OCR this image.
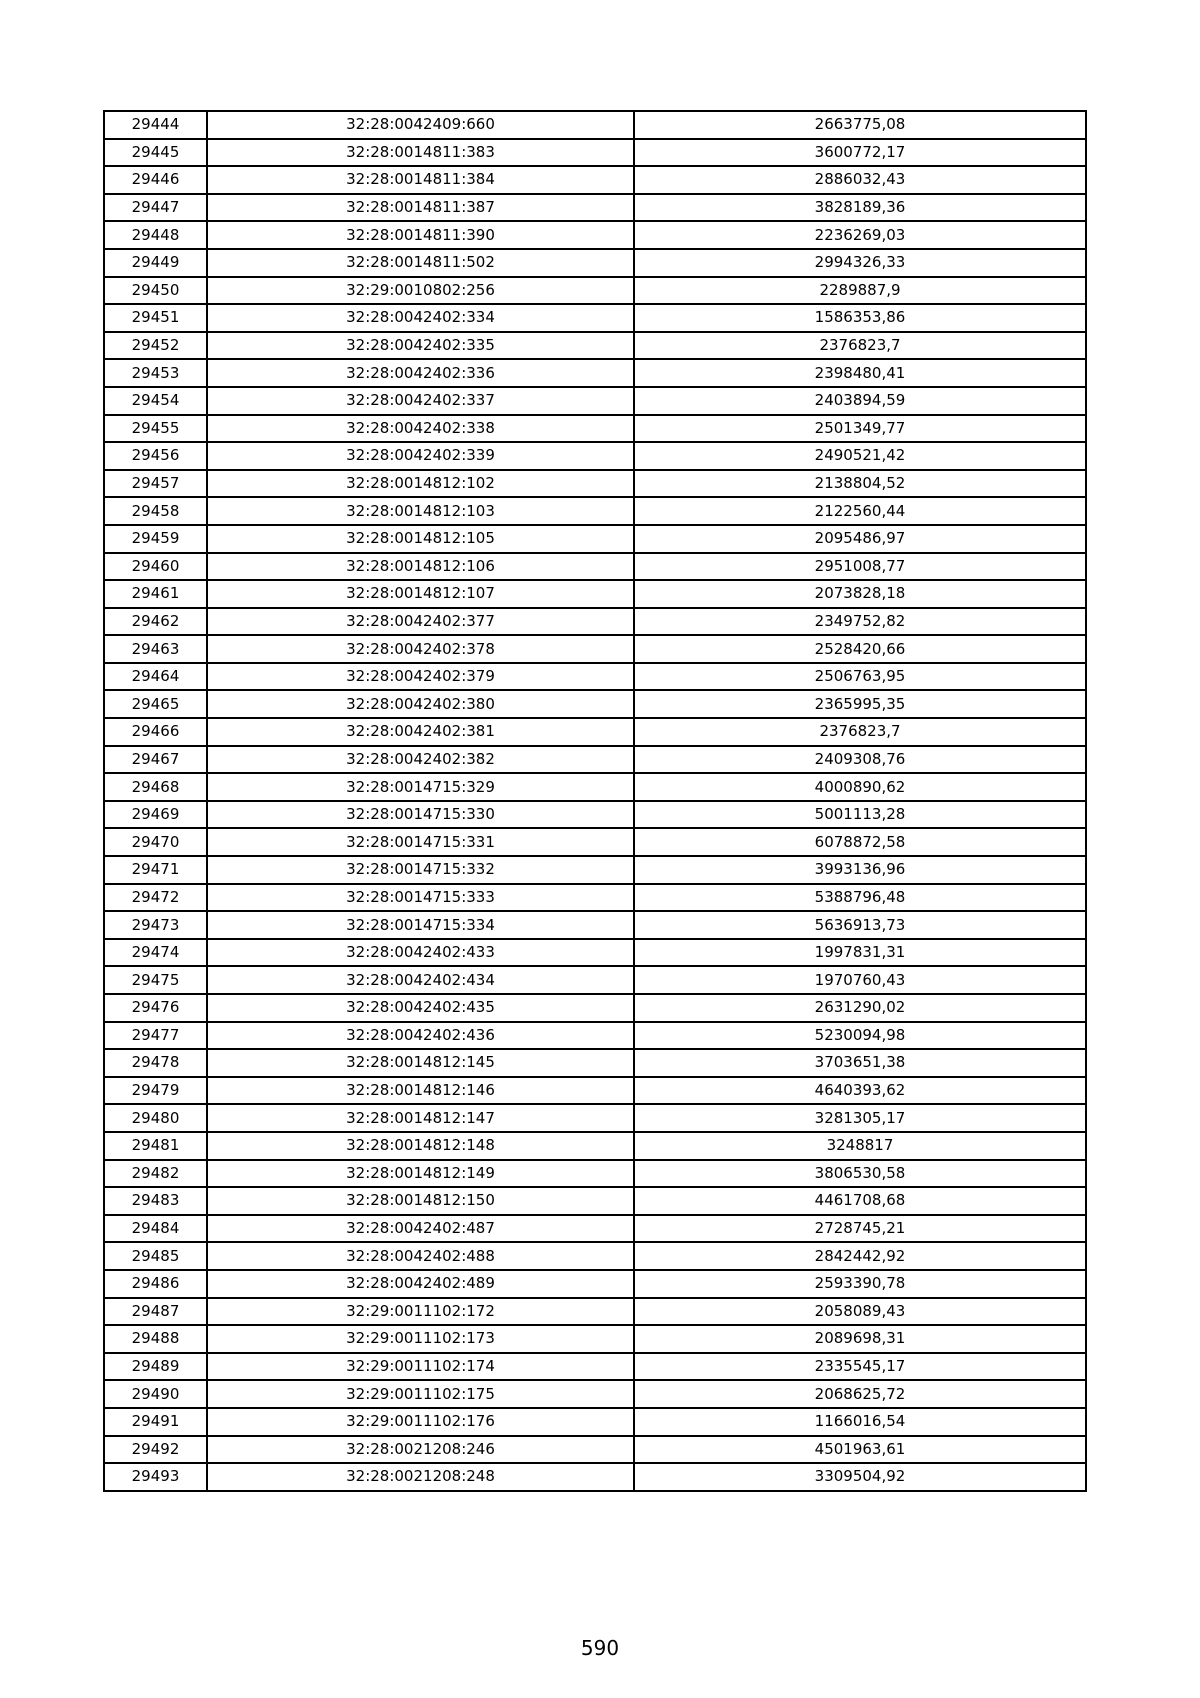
29444	32:28:0042409:660	2663775,08
29445	32:28:0014811:383	3600772,17
29446	32:28:0014811:384	2886032,43
29447	32:28:0014811:387	3828189,36
29448	32:28:0014811:390	2236269,03
29449	32:28:0014811:502	2994326,33
29450	32:29:0010802:256	2289887,9
29451	32:28:0042402:334	1586353,86
29452	32:28:0042402:335	2376823,7
29453	32:28:0042402:336	2398480,41
29454	32:28:0042402:337	2403894,59
29455	32:28:0042402:338	2501349,77
29456	32:28:0042402:339	2490521,42
29457	32:28:0014812:102	2138804,52
29458	32:28:0014812:103	2122560,44
29459	32:28:0014812:105	2095486,97
29460	32:28:0014812:106	2951008,77
29461	32:28:0014812:107	2073828,18
29462	32:28:0042402:377	2349752,82
29463	32:28:0042402:378	2528420,66
29464	32:28:0042402:379	2506763,95
29465	32:28:0042402:380	2365995,35
29466	32:28:0042402:381	2376823,7
29467	32:28:0042402:382	2409308,76
29468	32:28:0014715:329	4000890,62
29469	32:28:0014715:330	5001113,28
29470	32:28:0014715:331	6078872,58
29471	32:28:0014715:332	3993136,96
29472	32:28:0014715:333	5388796,48
29473	32:28:0014715:334	5636913,73
29474	32:28:0042402:433	1997831,31
29475	32:28:0042402:434	1970760,43
29476	32:28:0042402:435	2631290,02
29477	32:28:0042402:436	5230094,98
29478	32:28:0014812:145	3703651,38
29479	32:28:0014812:146	4640393,62
29480	32:28:0014812:147	3281305,17
29481	32:28:0014812:148	3248817
29482	32:28:0014812:149	3806530,58
29483	32:28:0014812:150	4461708,68
29484	32:28:0042402:487	2728745,21
29485	32:28:0042402:488	2842442,92
29486	32:28:0042402:489	2593390,78
29487	32:29:0011102:172	2058089,43
29488	32:29:0011102:173	2089698,31
29489	32:29:0011102:174	2335545,17
29490	32:29:0011102:175	2068625,72
29491	32:29:0011102:176	1166016,54
29492	32:28:0021208:246	4501963,61
29493	32:28:0021208:248	3309504,92
590
